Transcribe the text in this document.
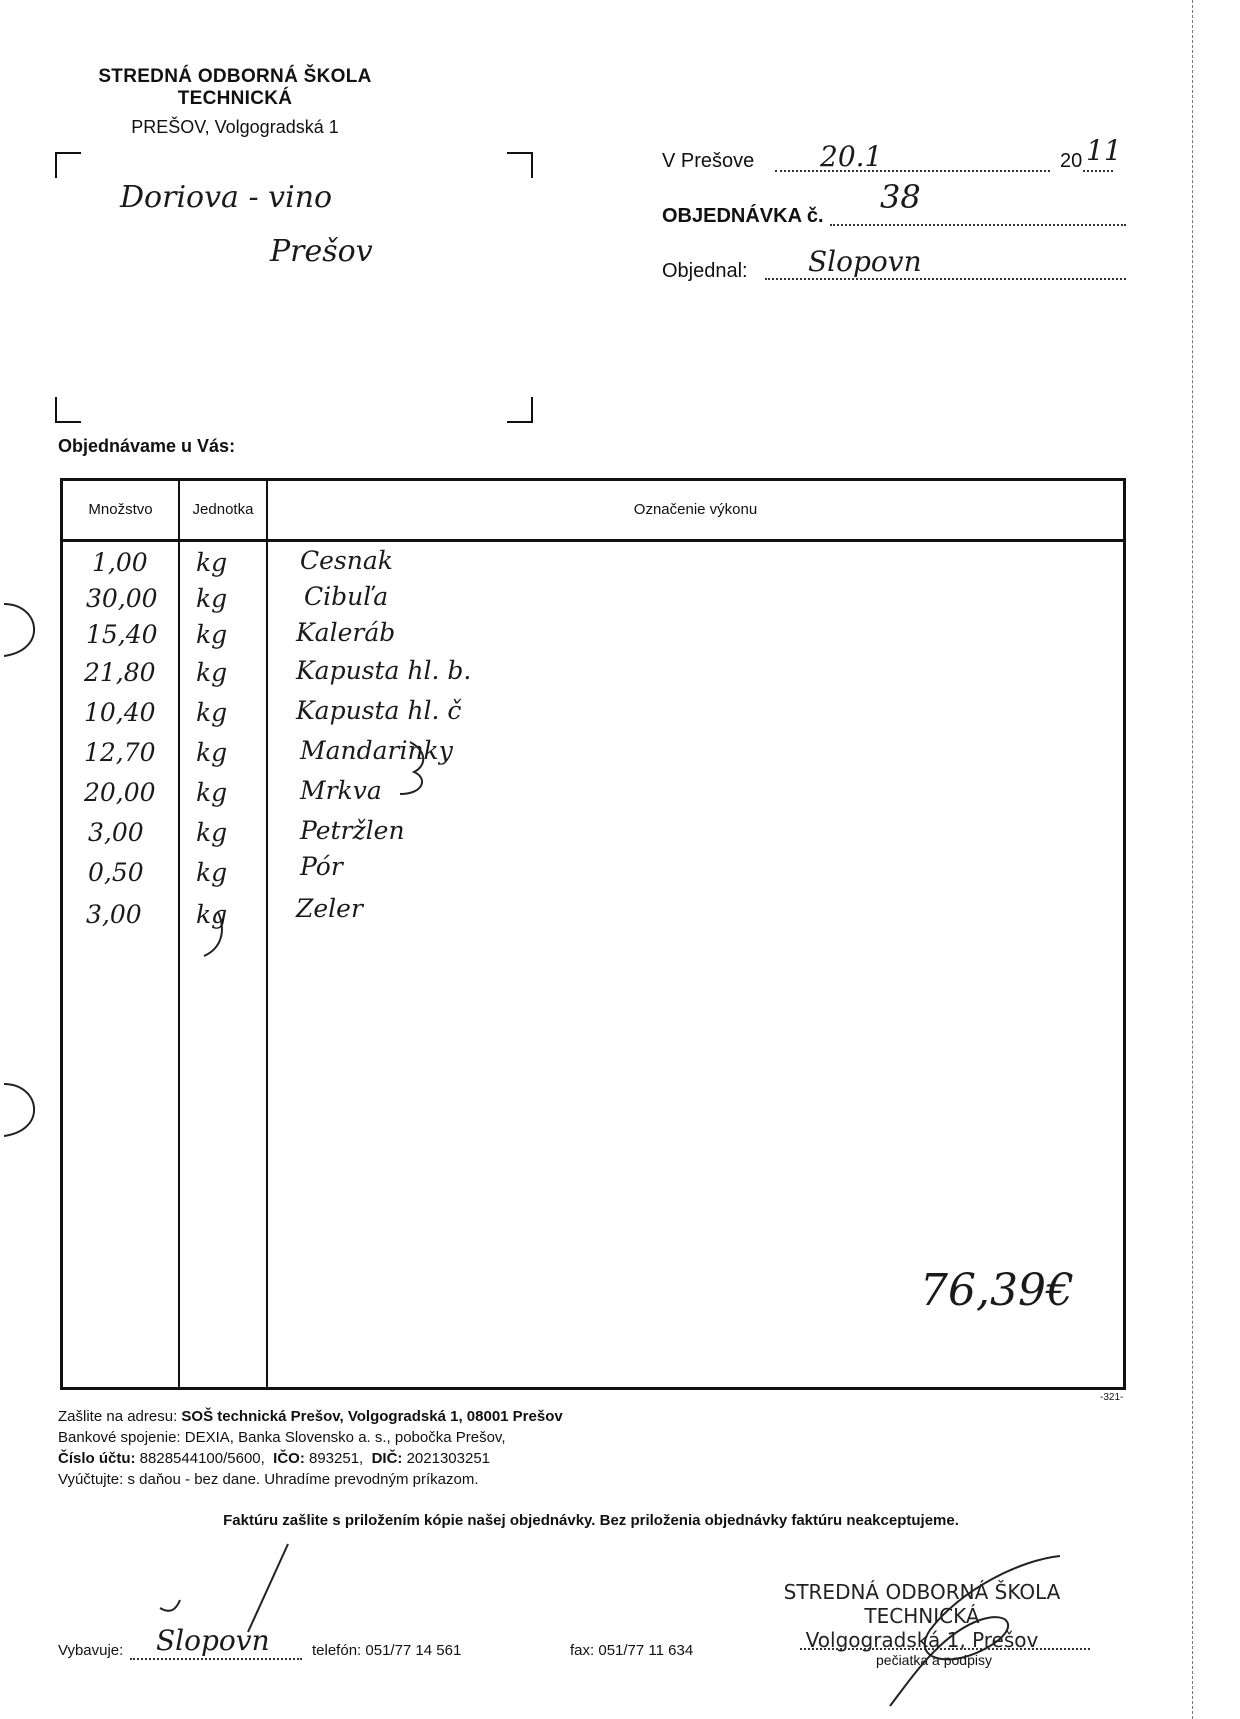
STREDNÁ ODBORNÁ ŠKOLA
TECHNICKÁ
PREŠOV, Volgogradská 1
Doriova - vino
Prešov
V Prešove 20.1	20 11
OBJEDNÁVKA č. 38
Objednal: Slopovn
Objednávame u Vás:
Množstvo	Jednotka	Označenie výkonu
1,00 kg	Cesnak
30,00 kg	Cibuľa
15,40 kg	Kaleráb
21,80 kg	Kapusta hl. b.
10,40 kg	Kapusta hl. č
12,70 kg	Mandarinky
20,00 kg	Mrkva
3,00 kg	Petržlen
0,50 kg	Pór
3,00 kg	Zeler
76,39€
-321-
Zašlite na adresu: SOŠ technická Prešov, Volgogradská 1, 08001 Prešov
Bankové spojenie: DEXIA, Banka Slovensko a. s., pobočka Prešov,
Číslo účtu: 8828544100/5600, IČO: 893251, DIČ: 2021303251
Vyúčtujte: s daňou - bez dane. Uhradíme prevodným príkazom.
Faktúru zašlite s priložením kópie našej objednávky. Bez priloženia objednávky faktúru neakceptujeme.
Vybavuje: Slopovn	telefón: 051/77 14 561	fax: 051/77 11 634
STREDNÁ ODBORNÁ ŠKOLA
TECHNICKÁ
Volgogradská 1, Prešov
pečiatka a podpisy
